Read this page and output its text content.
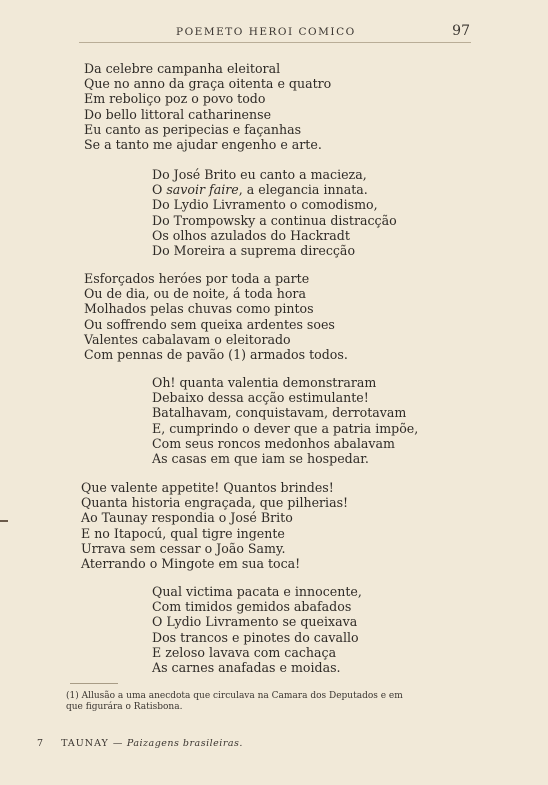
POEMETO HEROI COMICO	97
Da celebre campanha eleitoral
Que no anno da graça oitenta e quatro
Em reboliço poz o povo todo
Do bello littoral catharinense
Eu canto as peripecias e façanhas
Se a tanto me ajudar engenho e arte.
Do José Brito eu canto a macieza,
O savoir faire, a elegancia innata.
Do Lydio Livramento o comodismo,
Do Trompowsky a continua distracção
Os olhos azulados do Hackradt
Do Moreira a suprema direcção
Esforçados heróes por toda a parte
Ou de dia, ou de noite, á toda hora
Molhados pelas chuvas como pintos
Ou soffrendo sem queixa ardentes soes
Valentes cabalavam o eleitorado
Com pennas de pavão (1) armados todos.
Oh! quanta valentia demonstraram
Debaixo dessa acção estimulante!
Batalhavam, conquistavam, derrotavam
E, cumprindo o dever que a patria impõe,
Com seus roncos medonhos abalavam
As casas em que iam se hospedar.
Que valente appetite! Quantos brindes!
Quanta historia engraçada, que pilherias!
Ao Taunay respondia o José Brito
E no Itapocú, qual tigre ingente
Urrava sem cessar o João Samy.
Aterrando o Mingote em sua toca!
Qual victima pacata e innocente,
Com timidos gemidos abafados
O Lydio Livramento se queixava
Dos trancos e pinotes do cavallo
E zeloso lavava com cachaça
As carnes anafadas e moidas.
(1) Allusão a uma anecdota que circulava na Camara dos Deputados e em
que figurára o Ratisbona.
7 TAUNAY — Paizagens brasileiras.
